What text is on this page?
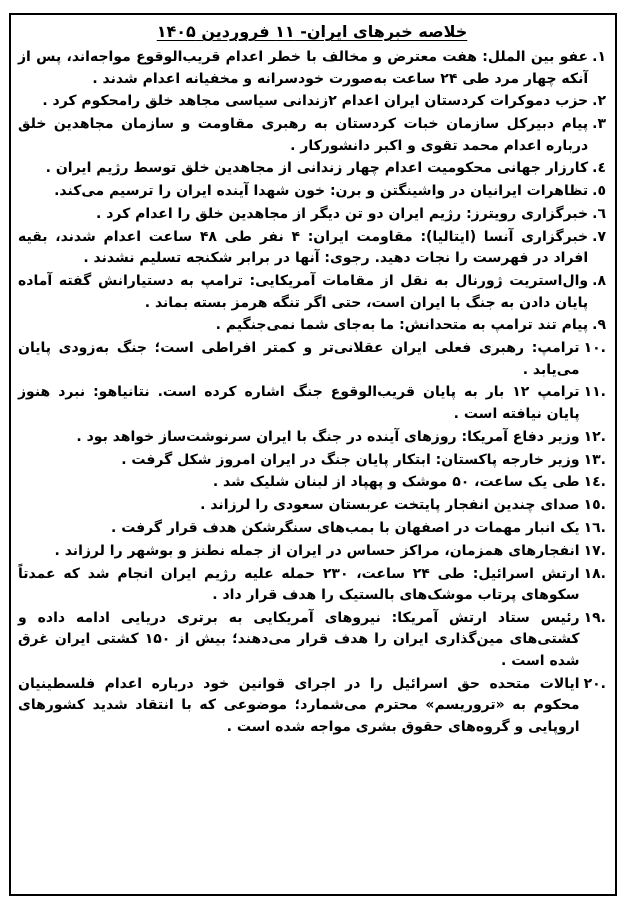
خلاصه خبرهای ایران- ۱۱ فروردین ۱۴۰۵
۱.
عفو بین الملل: هفت معترض و مخالف با خطر اعدام قریب‌الوقوع مواجه‌اند، پس از آنکه چهار مرد طی ۲۴ ساعت به‌صورت خودسرانه و مخفیانه اعدام شدند .
۲.
حزب دموکرات کردستان ایران اعدام ۲زندانی سیاسی مجاهد خلق رامحکوم کرد .
۳.
پیام دبیرکل سازمان خبات کردستان به رهبری مقاومت و سازمان مجاهدین خلق درباره اعدام محمد تقوی و اکبر دانشورکار .
٤.
کارزار جهانی محکومیت اعدام چهار زندانی از مجاهدین خلق توسط رژیم ایران .
٥.
تظاهرات ایرانیان در واشینگتن و برن: خون شهدا آینده ایران را ترسیم می‌کند.
٦.
خبرگزاری رویترز: رژیم ایران دو تن دیگر از مجاهدین خلق را اعدام کرد .
٧.
خبرگزاری آنسا (ایتالیا): مقاومت ایران: ۴ نفر طی ۴۸ ساعت اعدام شدند، بقیه افراد در فهرست را نجات دهید. رجوی: آنها در برابر شکنجه تسلیم نشدند .
٨.
وال‌استریت ژورنال به نقل از مقامات آمریکایی: ترامپ به دستیارانش گفته آماده پایان دادن به جنگ با ایران است، حتی اگر تنگه هرمز بسته بماند .
٩.
پیام تند ترامپ به متحدانش: ما به‌جای شما نمی‌جنگیم .
.١٠
ترامپ: رهبری فعلی ایران عقلانی‌تر و کمتر افراطی است؛ جنگ به‌زودی پایان می‌یابد .
.١١
ترامپ ۱۲ بار به پایان قریب‌الوقوع جنگ اشاره کرده است. نتانیاهو: نبرد هنوز پایان نیافته است .
.١٢
وزیر دفاع آمریکا: روزهای آینده در جنگ با ایران سرنوشت‌ساز خواهد بود .
.١٣
وزیر خارجه پاکستان: ابتکار پایان جنگ در ایران امروز شکل گرفت .
.١٤
طی یک ساعت، ۵۰ موشک و پهپاد از لبنان شلیک شد .
.١٥
صدای چندین انفجار پایتخت عربستان سعودی را لرزاند .
.١٦
یک انبار مهمات در اصفهان با بمب‌های سنگرشکن هدف قرار گرفت .
.١٧
انفجارهای همزمان، مراکز حساس در ایران از جمله نطنز و بوشهر را لرزاند .
.١٨
ارتش اسرائیل: طی ۲۴ ساعت، ۲۳۰ حمله علیه رژیم ایران انجام شد که عمدتاً سکوهای پرتاب موشک‌های بالستیک را هدف قرار داد .
.١٩
رئیس ستاد ارتش آمریکا: نیروهای آمریکایی به برتری دریایی ادامه داده و کشتی‌های مین‌گذاری ایران را هدف قرار می‌دهند؛ بیش از ۱۵۰ کشتی ایران غرق شده است .
.٢٠
ایالات متحده حق اسرائیل را در اجرای قوانین خود درباره اعدام فلسطینیان محکوم به «تروریسم» محترم می‌شمارد؛ موضوعی که با انتقاد شدید کشورهای اروپایی و گروه‌های حقوق بشری مواجه شده است .
